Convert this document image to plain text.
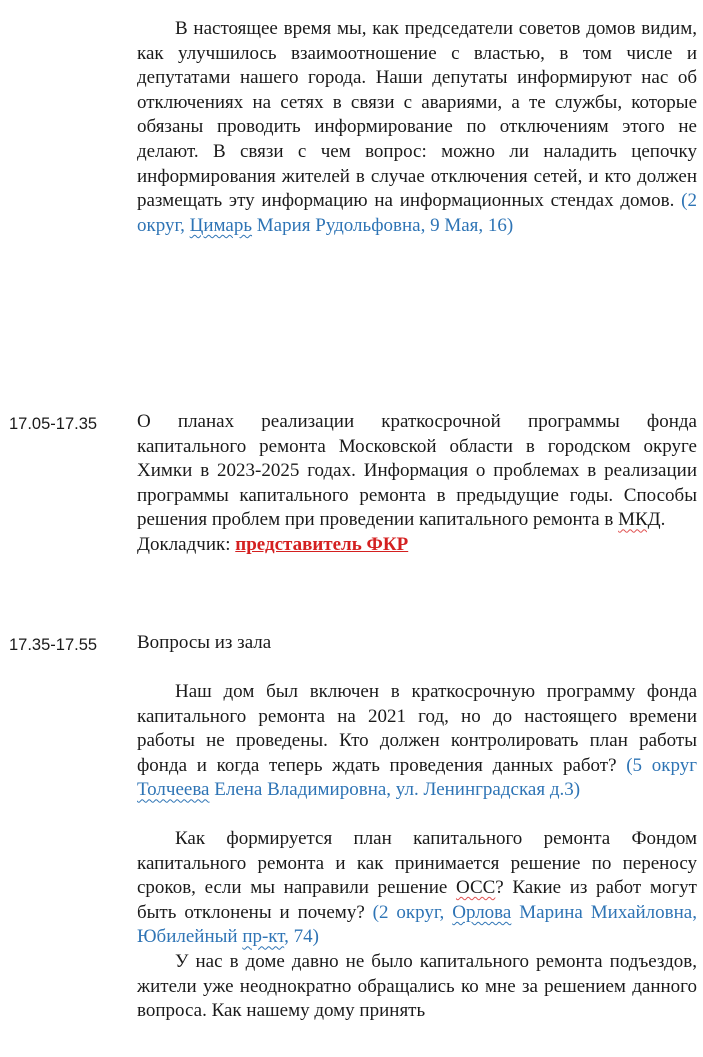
В настоящее время мы, как председатели советов домов видим, как улучшилось взаимоотношение с властью, в том числе и депутатами нашего города. Наши депутаты информируют нас об отключениях на сетях в связи с авариями, а те службы, которые обязаны проводить информирование по отключениям этого не делают. В связи с чем вопрос: можно ли наладить цепочку информирования жителей в случае отключения сетей, и кто должен размещать эту информацию на информационных стендах домов. (2 округ, Цимарь Мария Рудольфовна, 9 Мая, 16)

17.05-17.35 О планах реализации краткосрочной программы фонда капитального ремонта Московской области в городском округе Химки в 2023-2025 годах. Информация о проблемах в реализации программы капитального ремонта в предыдущие годы. Способы решения проблем при проведении капитального ремонта в МКД.
Докладчик: представитель ФКР

17.35-17.55 Вопросы из зала

Наш дом был включен в краткосрочную программу фонда капитального ремонта на 2021 год, но до настоящего времени работы не проведены. Кто должен контролировать план работы фонда и когда теперь ждать проведения данных работ? (5 округ Толчеева Елена Владимировна, ул. Ленинградская д.3)

Как формируется план капитального ремонта Фондом капитального ремонта и как принимается решение по переносу сроков, если мы направили решение ОСС? Какие из работ могут быть отклонены и почему? (2 округ, Орлова Марина Михайловна, Юбилейный пр-кт, 74)

У нас в доме давно не было капитального ремонта подъездов, жители уже неоднократно обращались ко мне за решением данного вопроса. Как нашему дому принять
